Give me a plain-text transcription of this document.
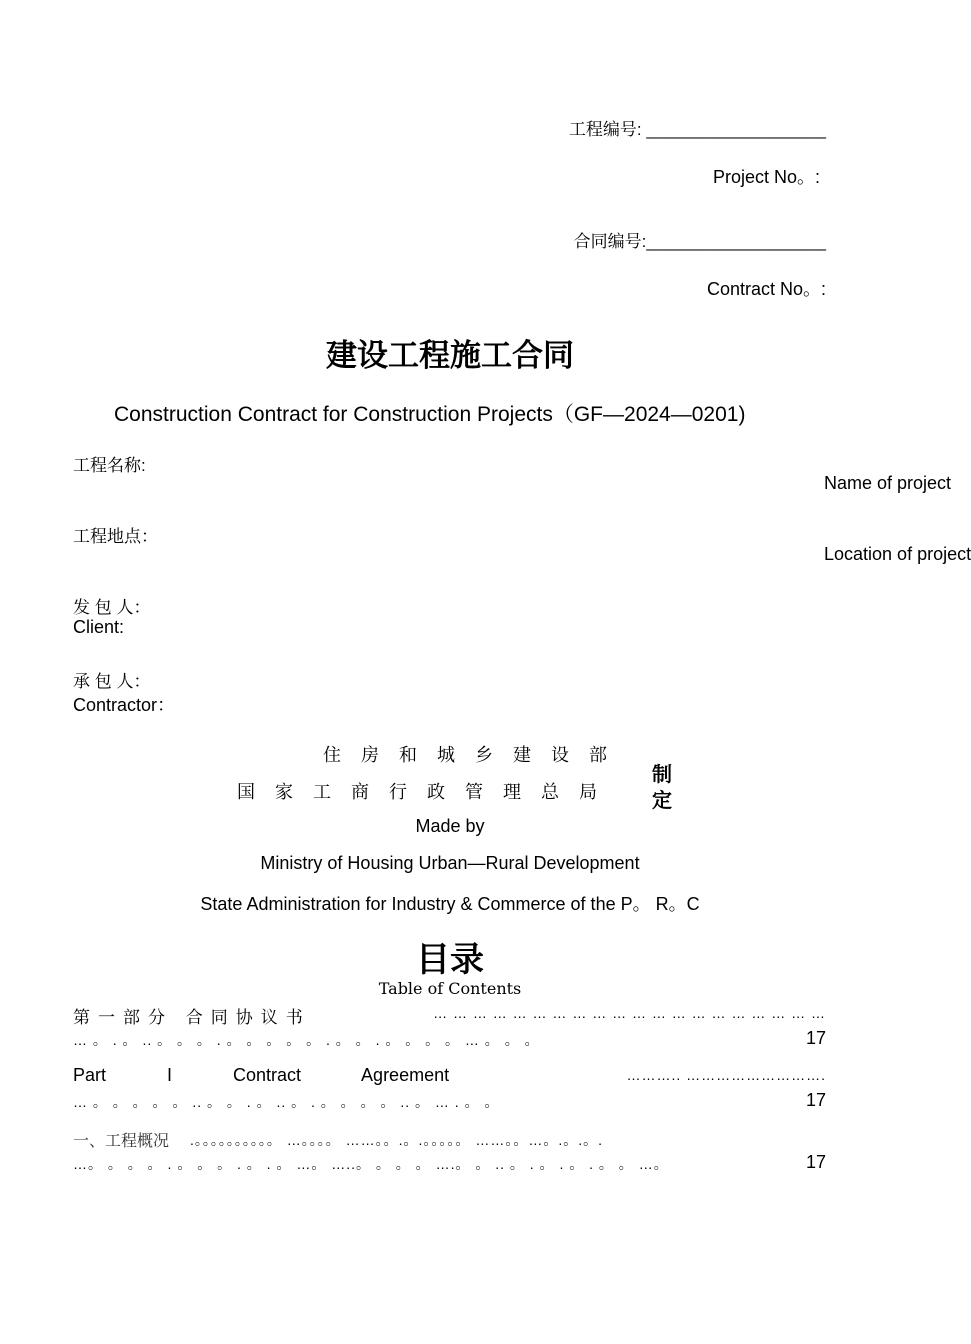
工程编号: ___________________
Project No。:
合同编号:___________________
Contract No。:
建设工程施工合同
Construction Contract for Construction Projects（GF—2024—0201)
工程名称:
Name of project
工程地点：
Location of project
发 包 人：
Client:
承 包 人：
Contractor：
住房和城乡建设部
国家工商行政管理总局
制
定
Made by
Ministry of Housing Urban—Rural Development
State Administration for Industry & Commerce of the P。 R。C
目录
Table of Contents
第一部分 合同协议书	… … … … … … … … … … … … … … … … … … … …
… 。 . 。 .. 。 。 。 . 。 。 。 。 。 . 。 。 . 。 。 。 。 … 。 。 。	17
Part I Contract Agreement	……….. ……………………….
… 。 。 。 。 。 .. 。 。 . 。 .. 。 . 。 。 。 。 .. 。 … . 。 。	17
一、工程概况 .。。。。。。。。。。 …。。。。 ……。。.。.。。。。。 ……。。…。.。.。.
…。 。 。 。 . 。 。 。 . 。 . 。 …。 …..。 。 。 。 ….。 。 .. 。 . 。 . 。 . 。 。 …。	17
